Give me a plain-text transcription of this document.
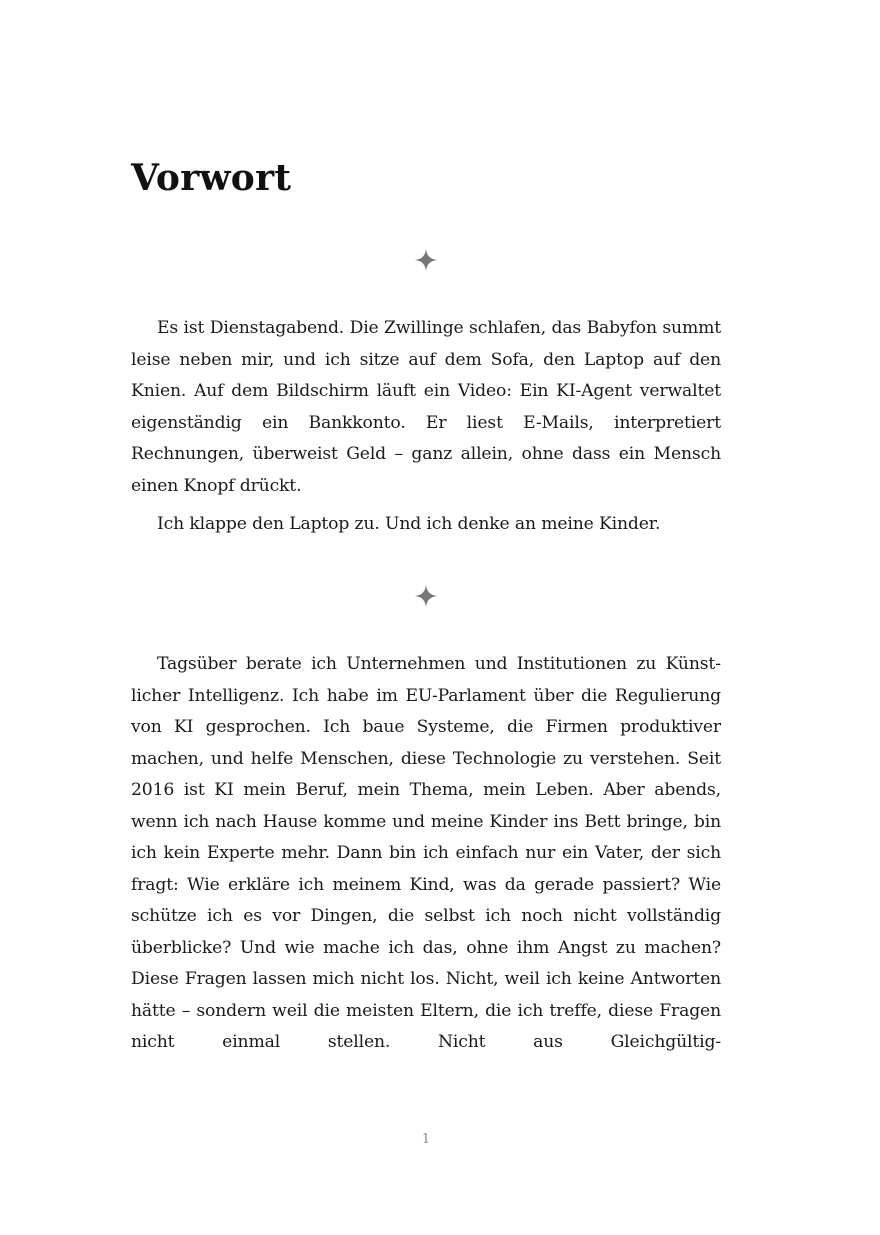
Vorwort

Es ist Dienstagabend. Die Zwillinge schlafen, das Babyfon summt leise neben mir, und ich sitze auf dem Sofa, den Laptop auf den Knien. Auf dem Bildschirm läuft ein Video: Ein KI-Agent verwaltet eigenständig ein Bankkonto. Er liest E-Mails, interpretiert Rechnungen, überweist Geld – ganz allein, ohne dass ein Mensch einen Knopf drückt.

Ich klappe den Laptop zu. Und ich denke an meine Kinder.

Tagsüber berate ich Unternehmen und Institutionen zu Künstlicher Intelligenz. Ich habe im EU-Parlament über die Regulierung von KI gesprochen. Ich baue Systeme, die Firmen produktiver machen, und helfe Menschen, diese Technologie zu verstehen. Seit 2016 ist KI mein Beruf, mein Thema, mein Leben. Aber abends, wenn ich nach Hause komme und meine Kinder ins Bett bringe, bin ich kein Experte mehr. Dann bin ich einfach nur ein Vater, der sich fragt: Wie erkläre ich meinem Kind, was da gerade passiert? Wie schütze ich es vor Dingen, die selbst ich noch nicht vollständig überblicke? Und wie mache ich das, ohne ihm Angst zu machen? Diese Fragen lassen mich nicht los. Nicht, weil ich keine Antworten hätte – sondern weil die meisten Eltern, die ich treffe, diese Fragen nicht einmal stellen. Nicht aus Gleichgültig-

1
